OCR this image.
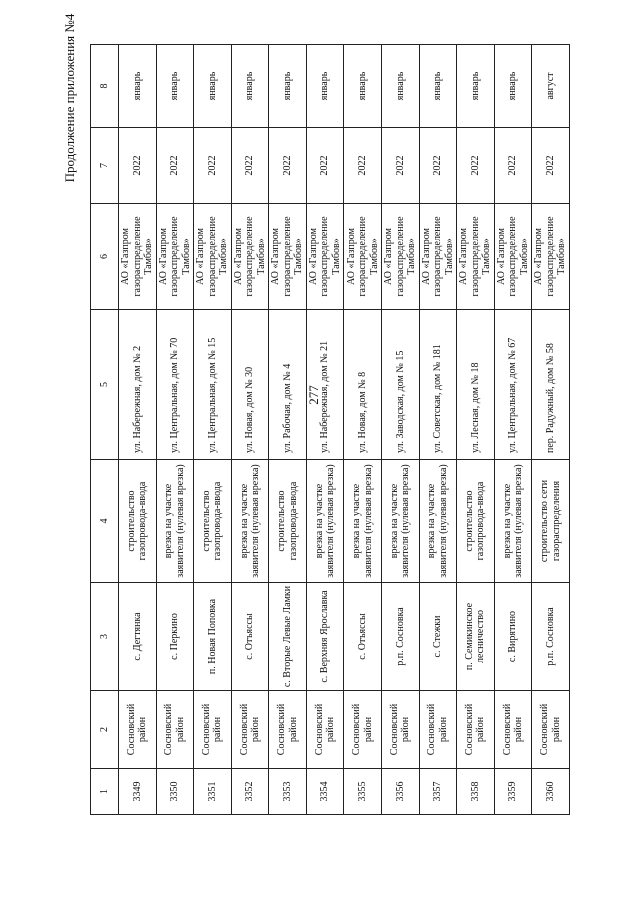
277
Продолжение приложения №4
1	2	3	4	5	6	7	8
3349	Сосновский район	с. Дегтянка	строительство газопровода-ввода	ул. Набережная, дом № 2	АО «Газпром газораспределение Тамбов»	2022	январь
3350	Сосновский район	с. Перкино	врезка на участке заявителя (нулевая врезка)	ул. Центральная, дом № 70	АО «Газпром газораспределение Тамбов»	2022	январь
3351	Сосновский район	п. Новая Поповка	строительство газопровода-ввода	ул. Центральная, дом № 15	АО «Газпром газораспределение Тамбов»	2022	январь
3352	Сосновский район	с. Отъяссы	врезка на участке заявителя (нулевая врезка)	ул. Новая, дом № 30	АО «Газпром газораспределение Тамбов»	2022	январь
3353	Сосновский район	с. Вторые Левые Ламки	строительство газопровода-ввода	ул. Рабочая, дом № 4	АО «Газпром газораспределение Тамбов»	2022	январь
3354	Сосновский район	с. Верхняя Ярославка	врезка на участке заявителя (нулевая врезка)	ул. Набережная, дом № 21	АО «Газпром газораспределение Тамбов»	2022	январь
3355	Сосновский район	с. Отъяссы	врезка на участке заявителя (нулевая врезка)	ул. Новая, дом № 8	АО «Газпром газораспределение Тамбов»	2022	январь
3356	Сосновский район	р.п. Сосновка	врезка на участке заявителя (нулевая врезка)	ул. Заводская, дом № 15	АО «Газпром газораспределение Тамбов»	2022	январь
3357	Сосновский район	с. Стежки	врезка на участке заявителя (нулевая врезка)	ул. Советская, дом № 181	АО «Газпром газораспределение Тамбов»	2022	январь
3358	Сосновский район	п. Семикинское лесничество	строительство газопровода-ввода	ул. Лесная, дом № 18	АО «Газпром газораспределение Тамбов»	2022	январь
3359	Сосновский район	с. Вирятино	врезка на участке заявителя (нулевая врезка)	ул. Центральная, дом № 67	АО «Газпром газораспределение Тамбов»	2022	январь
3360	Сосновский район	р.п. Сосновка	строительство сети газораспределения	пер. Радужный, дом № 58	АО «Газпром газораспределение Тамбов»	2022	август
